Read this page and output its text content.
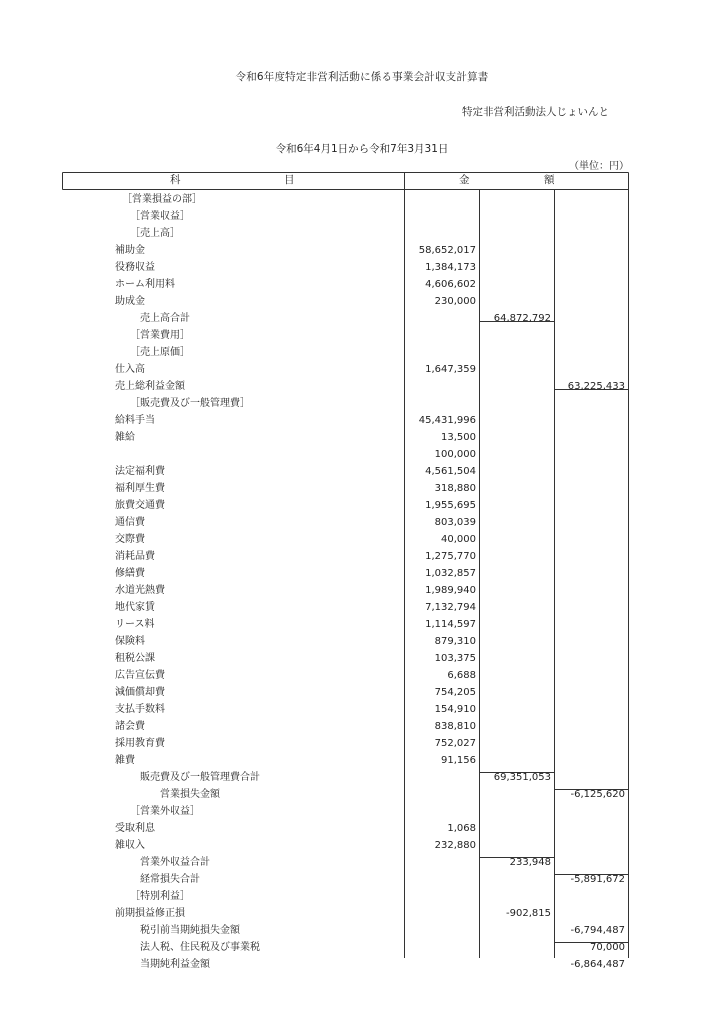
令和6年度特定非営利活動に係る事業会計収支計算書
特定非営利活動法人じょいんと
令和6年4月1日から令和7年3月31日
（単位：円）
科	目	金	額
［営業損益の部］
［営業収益］
［売上高］
補助金	58,652,017
役務収益	1,384,173
ホーム利用料	4,606,602
助成金	230,000
売上高合計	64,872,792
［営業費用］
［売上原価］
仕入高	1,647,359
売上総利益金額	63,225,433
［販売費及び一般管理費］
給料手当	45,431,996
雑給	13,500
100,000
法定福利費	4,561,504
福利厚生費	318,880
旅費交通費	1,955,695
通信費	803,039
交際費	40,000
消耗品費	1,275,770
修繕費	1,032,857
水道光熱費	1,989,940
地代家賃	7,132,794
リース料	1,114,597
保険料	879,310
租税公課	103,375
広告宣伝費	6,688
減価償却費	754,205
支払手数料	154,910
諸会費	838,810
採用教育費	752,027
雑費	91,156
販売費及び一般管理費合計	69,351,053
営業損失金額	-6,125,620
［営業外収益］
受取利息	1,068
雑収入	232,880
営業外収益合計	233,948
経常損失合計	-5,891,672
［特別利益］
前期損益修正損	-902,815
税引前当期純損失金額	-6,794,487
法人税、住民税及び事業税	70,000
当期純利益金額	-6,864,487
